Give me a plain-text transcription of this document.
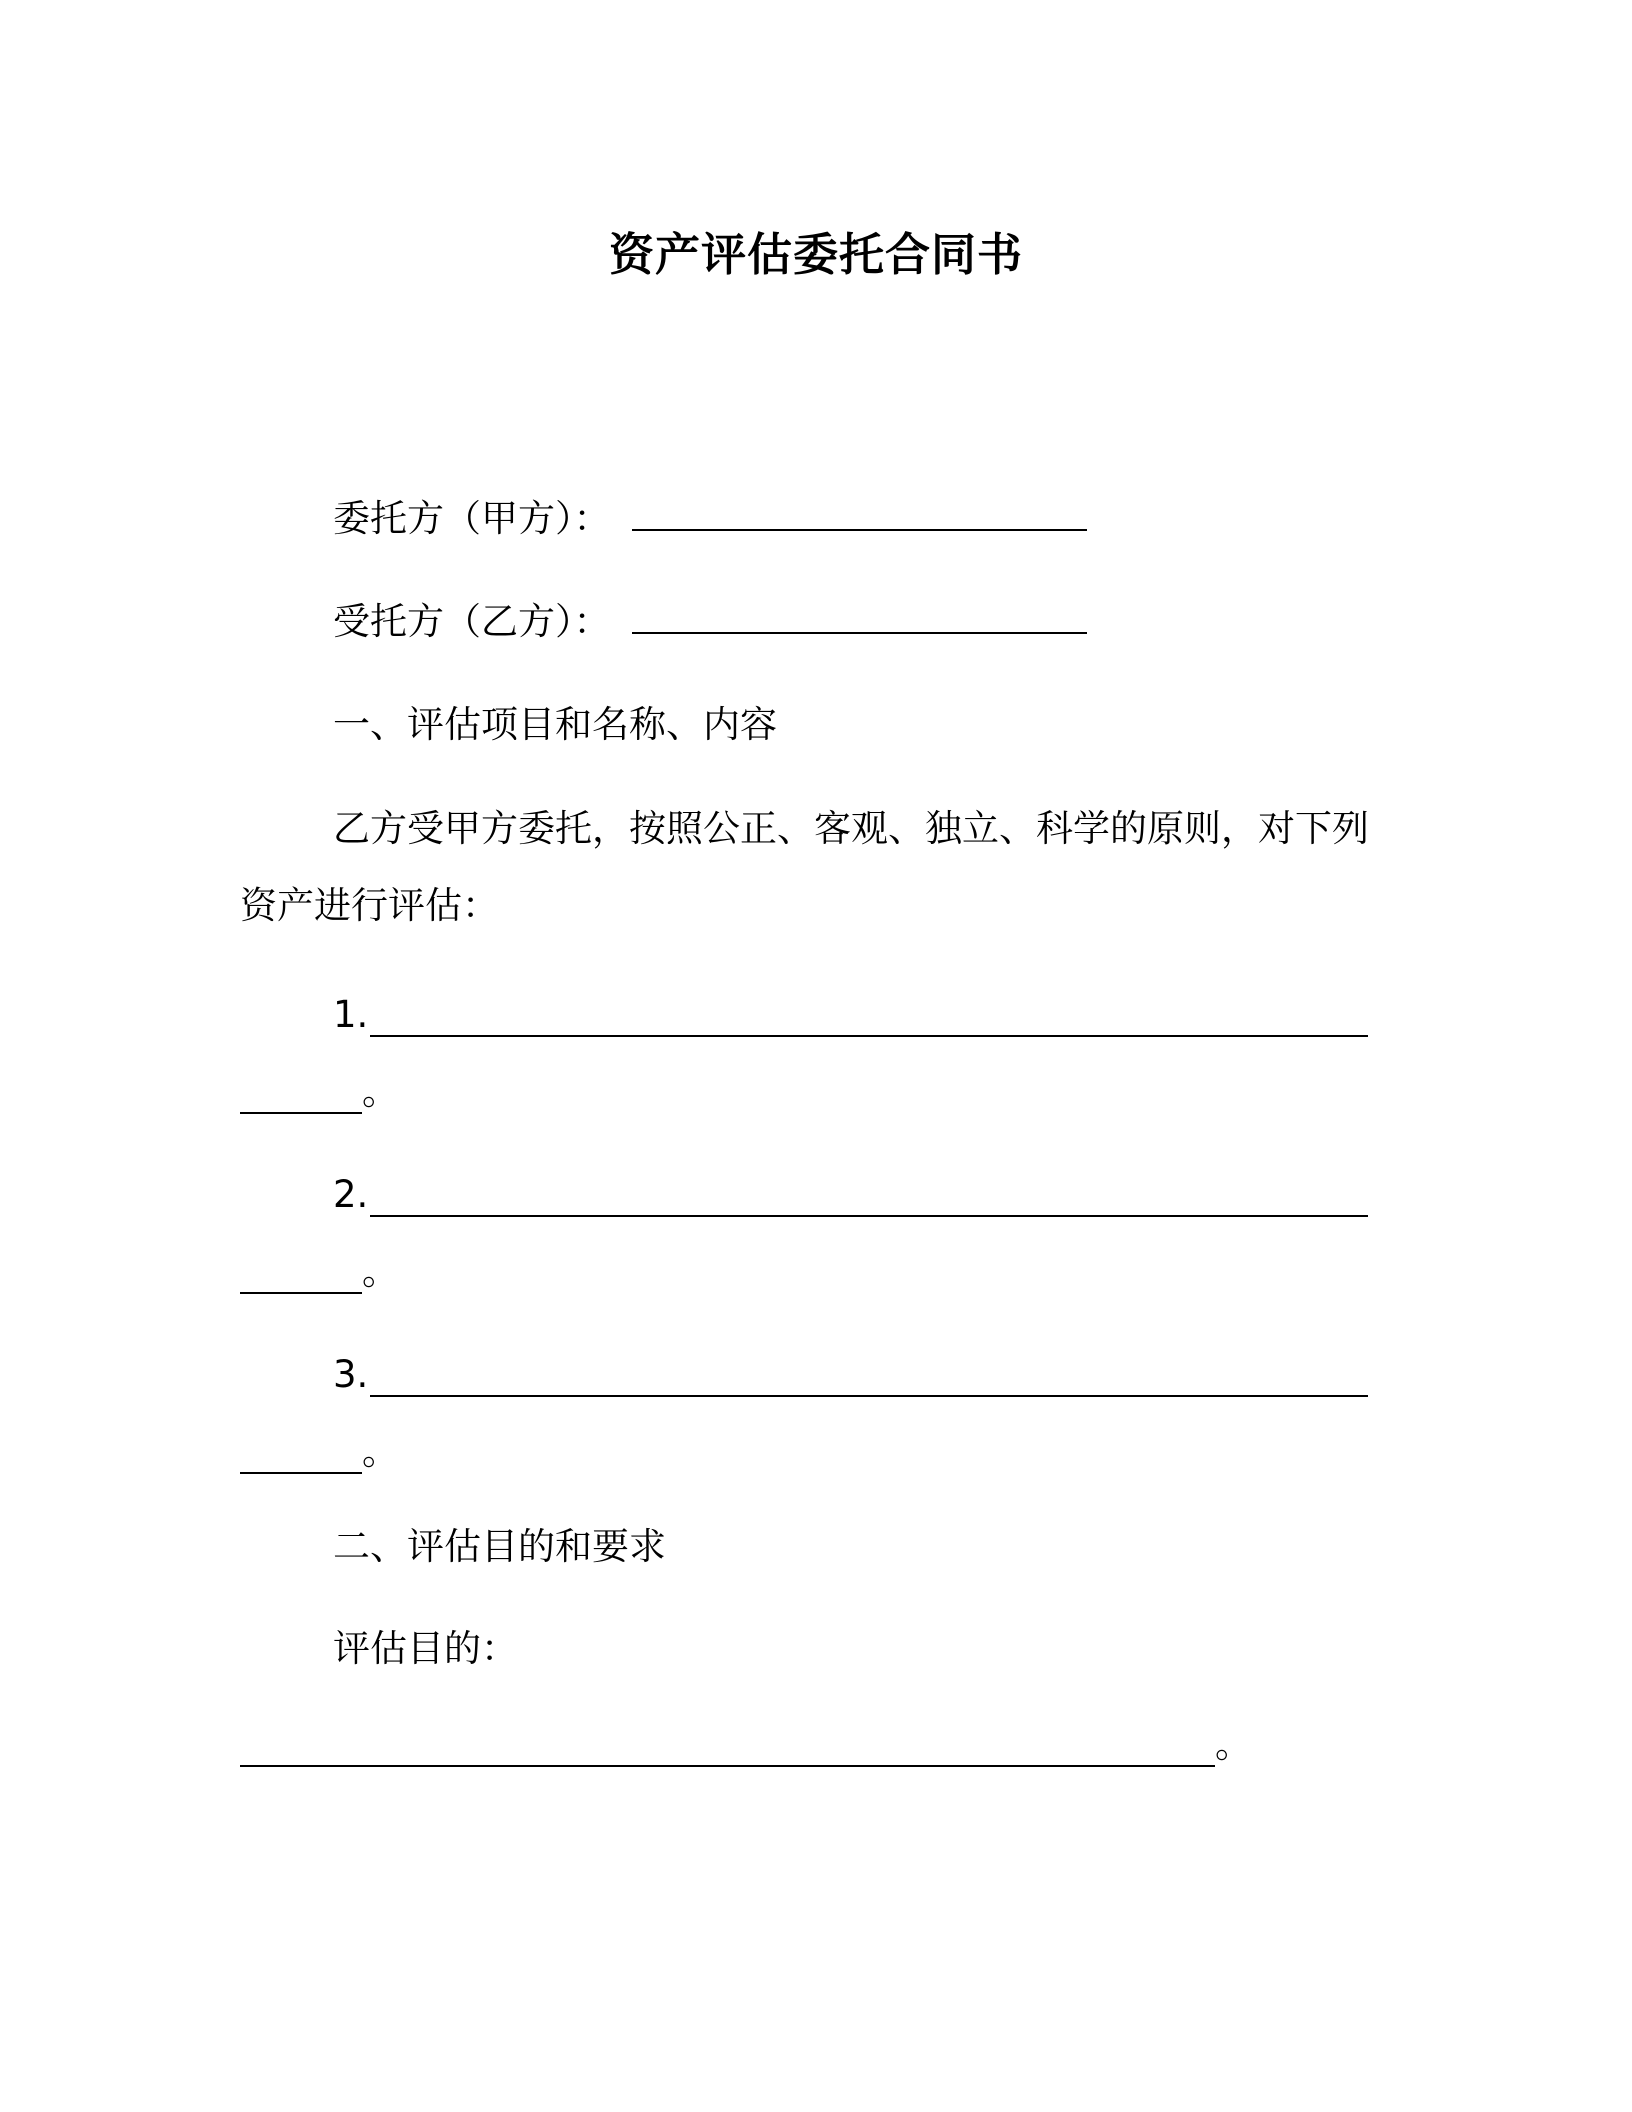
资产评估委托合同书
委托方（甲方）：
受托方（乙方）：
一、评估项目和名称、内容
乙方受甲方委托，按照公正、客观、独立、科学的原则，对下列
资产进行评估：
1.
。
2.
。
3.
。
二、评估目的和要求
评估目的：
。
